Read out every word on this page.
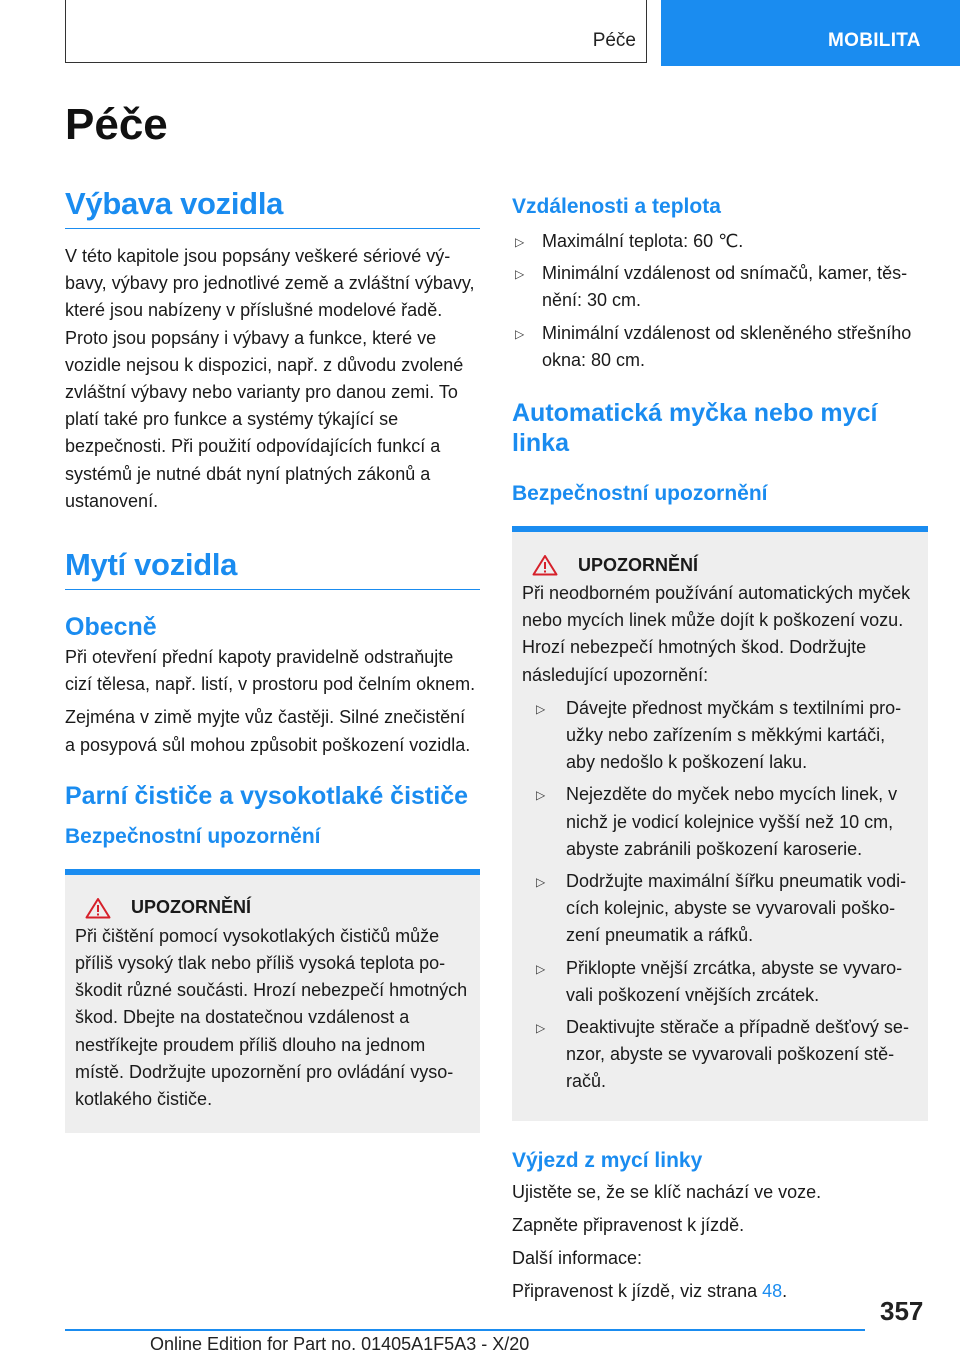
Péče	MOBILITA
Péče
Výbava vozidla

V této kapitole jsou popsány veškeré sériové výbavy, výbavy pro jednotlivé země a zvláštní výbavy, které jsou nabízeny v příslušné modelové řadě. Proto jsou popsány i výbavy a funkce, které ve vozidle nejsou k dispozici, např. z důvodu zvolené zvláštní výbavy nebo varianty pro danou zemi. To platí také pro funkce a systémy týkající se bezpečnosti. Při použití odpovídajících funkcí a systémů je nutné dbát nyní platných zákonů a ustanovení.

Mytí vozidla
Obecně

Při otevření přední kapoty pravidelně odstraňujte cizí tělesa, např. listí, v prostoru pod čelním oknem.

Zejména v zimě myjte vůz častěji. Silné znečistění a posypová sůl mohou způsobit poškození vozidla.

Parní čističe a vysokotlaké čističe
Bezpečnostní upozornění
UPOZORNĚNÍ

Při čištění pomocí vysokotlakých čističů může příliš vysoký tlak nebo příliš vysoká teplota poškodit různé součásti. Hrozí nebezpečí hmotných škod. Dbejte na dostatečnou vzdálenost a nestříkejte proudem příliš dlouho na jednom místě. Dodržujte upozornění pro ovládání vysokotlakého čističe.

Vzdálenosti a teplota
▷ Maximální teplota: 60 ℃.
▷ Minimální vzdálenost od snímačů, kamer, těsnění: 30 cm.
▷ Minimální vzdálenost od skleněného střešního okna: 80 cm.
Automatická myčka nebo mycí linka
Bezpečnostní upozornění
UPOZORNĚNÍ

Při neodborném používání automatických myček nebo mycích linek může dojít k poškození vozu. Hrozí nebezpečí hmotných škod. Dodržujte následující upozornění:

▷ Dávejte přednost myčkám s textilními proužky nebo zařízením s měkkými kartáči, aby nedošlo k poškození laku.
▷ Nejezděte do myček nebo mycích linek, v nichž je vodicí kolejnice vyšší než 10 cm, abyste zabránili poškození karoserie.
▷ Dodržujte maximální šířku pneumatik vodicích kolejnic, abyste se vyvarovali poškození pneumatik a ráfků.
▷ Přiklopte vnější zrcátka, abyste se vyvarovali poškození vnějších zrcátek.
▷ Deaktivujte stěrače a případně dešťový senzor, abyste se vyvarovali poškození stěračů.
Výjezd z mycí linky

Ujistěte se, že se klíč nachází ve voze.

Zapněte připravenost k jízdě.

Další informace:

Připravenost k jízdě, viz strana 48.

357
Online Edition for Part no. 01405A1F5A3 - X/20
